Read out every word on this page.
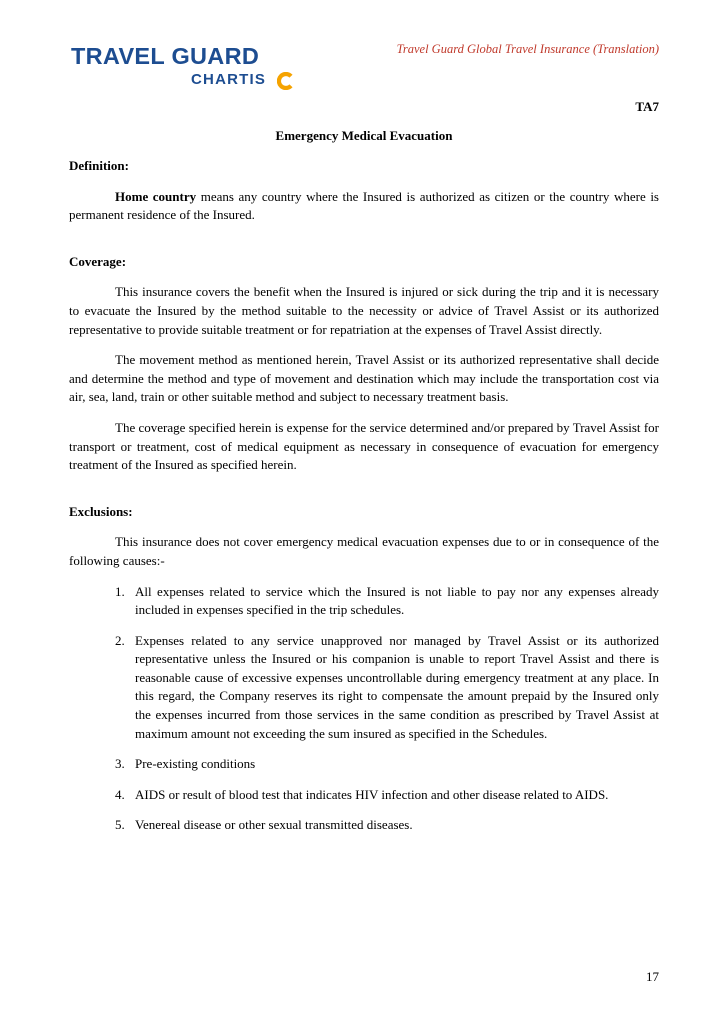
TRAVEL GUARD
CHARTIS
Travel Guard Global Travel Insurance (Translation)
TA7
Emergency Medical Evacuation

Definition:

Home country means any country where the Insured is authorized as citizen or the country where is permanent residence of the Insured.

Coverage:

This insurance covers the benefit when the Insured is injured or sick during the trip and it is necessary to evacuate the Insured by the method suitable to the necessity or advice of Travel Assist or its authorized representative to provide suitable treatment or for repatriation at the expenses of Travel Assist directly.

The movement method as mentioned herein, Travel Assist or its authorized representative shall decide and determine the method and type of movement and destination which may include the transportation cost via air, sea, land, train or other suitable method and subject to necessary treatment basis.

The coverage specified herein is expense for the service determined and/or prepared by Travel Assist for transport or treatment, cost of medical equipment as necessary in consequence of evacuation for emergency treatment of the Insured as specified herein.

Exclusions:

This insurance does not cover emergency medical evacuation expenses due to or in consequence of the following causes:-

1. All expenses related to service which the Insured is not liable to pay nor any expenses already included in expenses specified in the trip schedules.
2. Expenses related to any service unapproved nor managed by Travel Assist or its authorized representative unless the Insured or his companion is unable to report Travel Assist and there is reasonable cause of excessive expenses uncontrollable during emergency treatment at any place. In this regard, the Company reserves its right to compensate the amount prepaid by the Insured only the expenses incurred from those services in the same condition as prescribed by Travel Assist at maximum amount not exceeding the sum insured as specified in the Schedules.
3. Pre-existing conditions
4. AIDS or result of blood test that indicates HIV infection and other disease related to AIDS.
5. Venereal disease or other sexual transmitted diseases.
17
